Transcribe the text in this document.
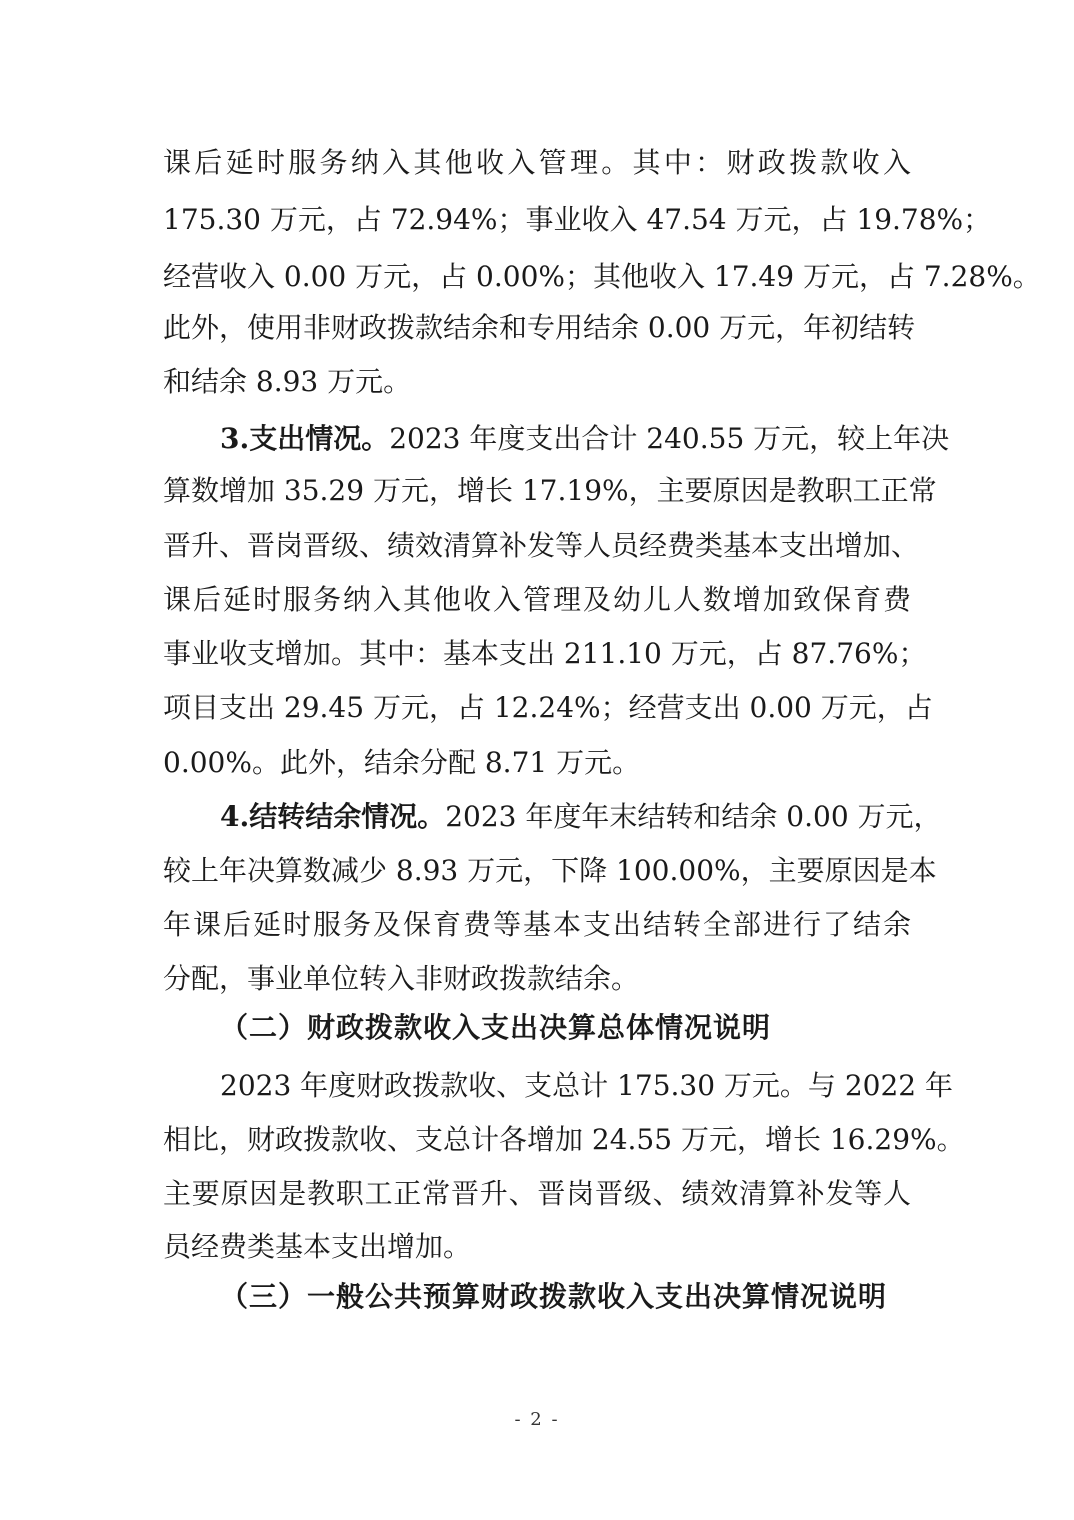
课后延时服务纳入其他收入管理。其中：财政拨款收入
175.30 万元，占 72.94%；事业收入 47.54 万元，占 19.78%；
经营收入 0.00 万元，占 0.00%；其他收入 17.49 万元，占 7.28%。
此外，使用非财政拨款结余和专用结余 0.00 万元，年初结转
和结余 8.93 万元。
3.支出情况。2023 年度支出合计 240.55 万元，较上年决
算数增加 35.29 万元，增长 17.19%，主要原因是教职工正常
晋升、晋岗晋级、绩效清算补发等人员经费类基本支出增加、
课后延时服务纳入其他收入管理及幼儿人数增加致保育费
事业收支增加。其中：基本支出 211.10 万元，占 87.76%；
项目支出 29.45 万元，占 12.24%；经营支出 0.00 万元，占
0.00%。此外，结余分配 8.71 万元。
4.结转结余情况。2023 年度年末结转和结余 0.00 万元，
较上年决算数减少 8.93 万元，下降 100.00%，主要原因是本
年课后延时服务及保育费等基本支出结转全部进行了结余
分配，事业单位转入非财政拨款结余。
（二）财政拨款收入支出决算总体情况说明
2023 年度财政拨款收、支总计 175.30 万元。与 2022 年
相比，财政拨款收、支总计各增加 24.55 万元，增长 16.29%。
主要原因是教职工正常晋升、晋岗晋级、绩效清算补发等人
员经费类基本支出增加。
（三）一般公共预算财政拨款收入支出决算情况说明
- 2 -
